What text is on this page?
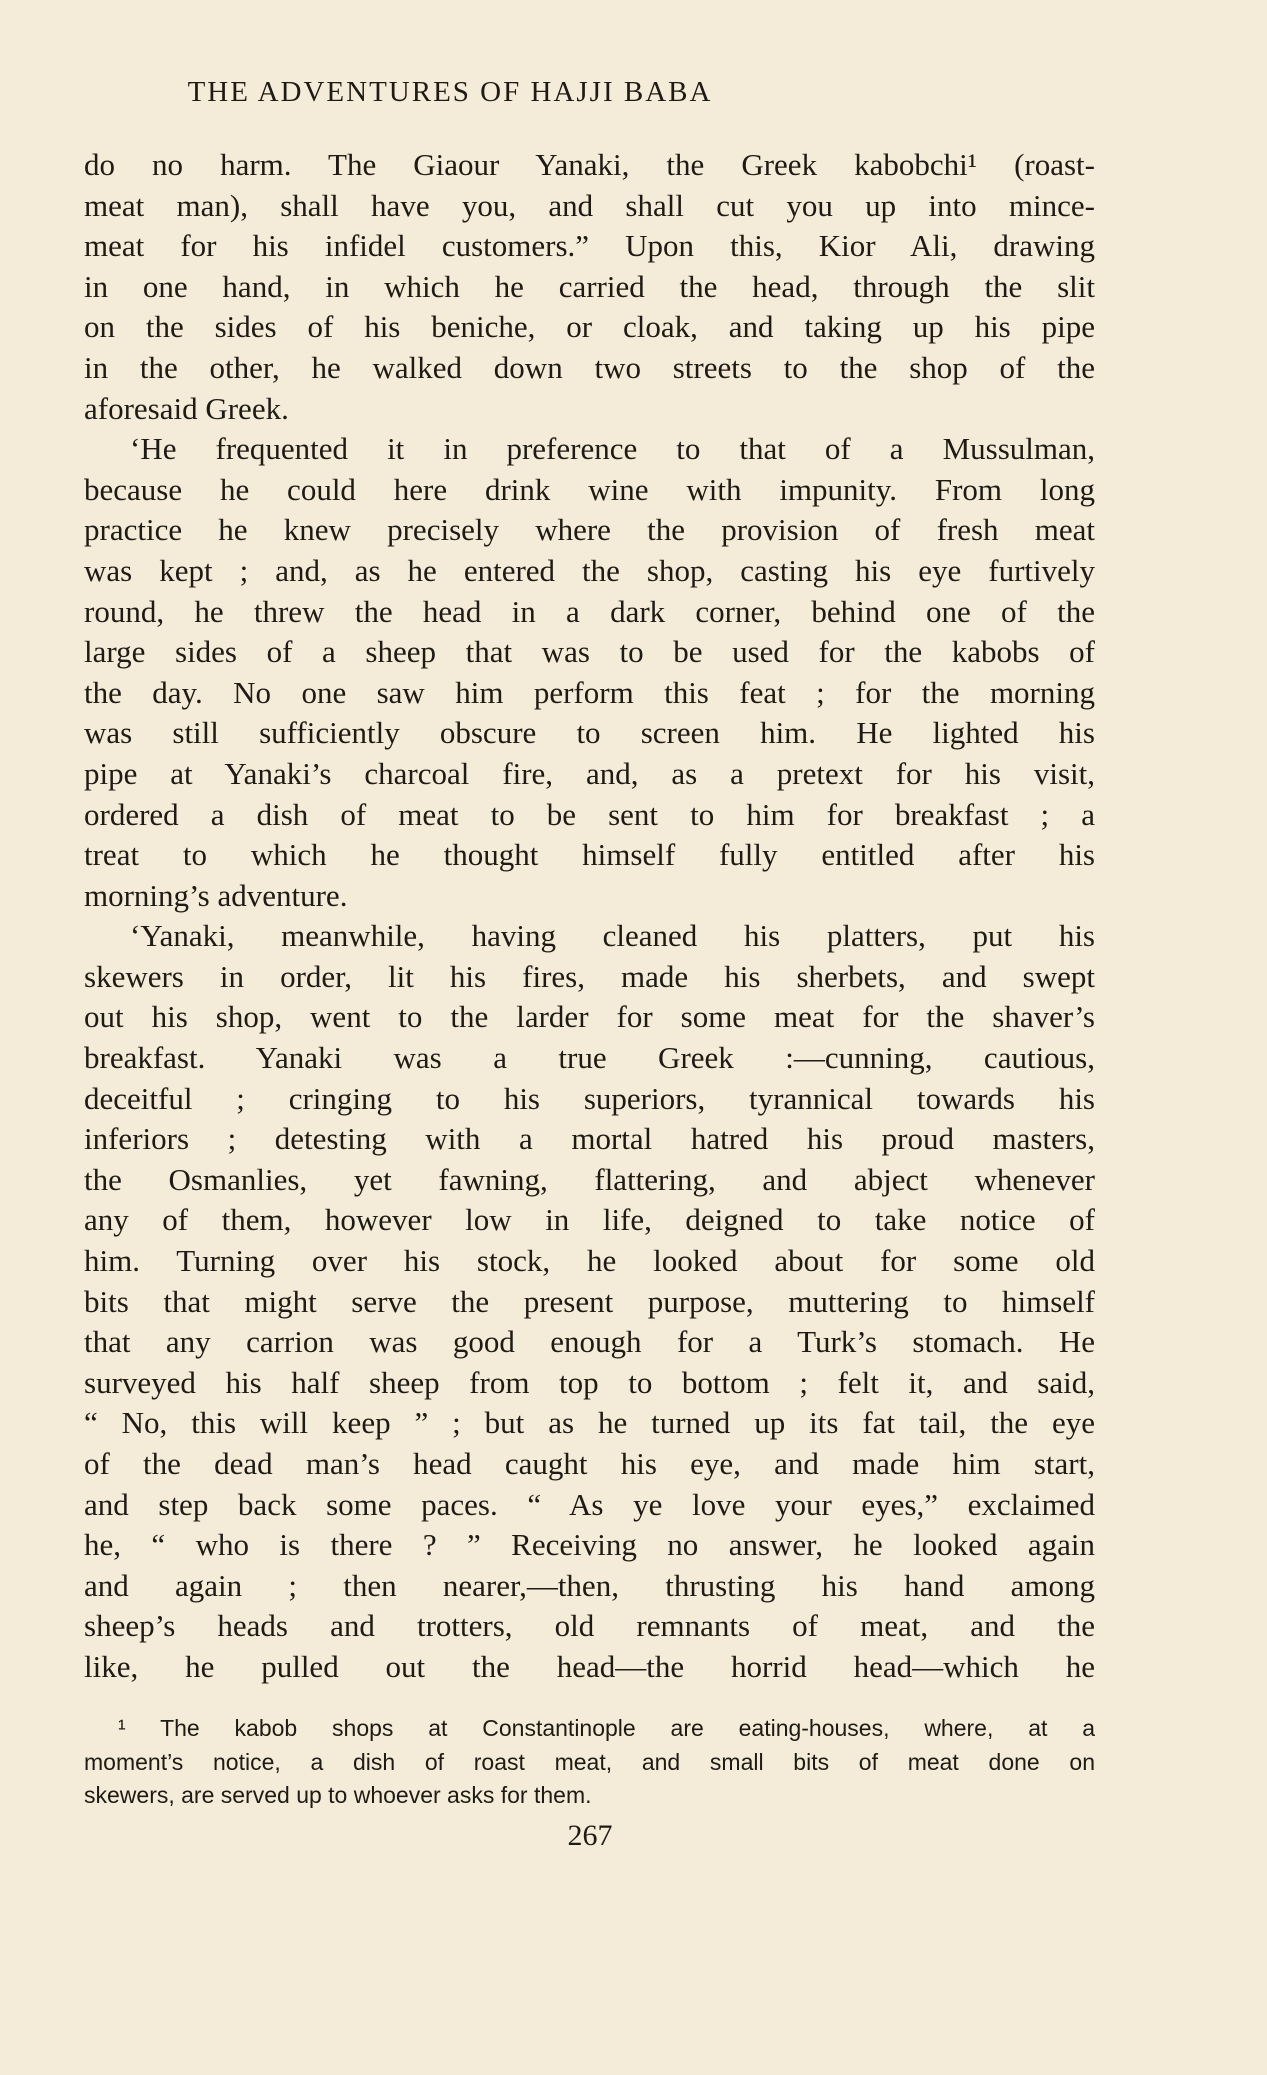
THE ADVENTURES OF HAJJI BABA
do no harm. The Giaour Yanaki, the Greek kabobchi¹ (roast-
meat man), shall have you, and shall cut you up into mince-
meat for his infidel customers.” Upon this, Kior Ali, drawing
in one hand, in which he carried the head, through the slit
on the sides of his beniche, or cloak, and taking up his pipe
in the other, he walked down two streets to the shop of the
aforesaid Greek.
‘He frequented it in preference to that of a Mussulman,
because he could here drink wine with impunity. From long
practice he knew precisely where the provision of fresh meat
was kept ; and, as he entered the shop, casting his eye furtively
round, he threw the head in a dark corner, behind one of the
large sides of a sheep that was to be used for the kabobs of
the day. No one saw him perform this feat ; for the morning
was still sufficiently obscure to screen him. He lighted his
pipe at Yanaki’s charcoal fire, and, as a pretext for his visit,
ordered a dish of meat to be sent to him for breakfast ; a
treat to which he thought himself fully entitled after his
morning’s adventure.
‘Yanaki, meanwhile, having cleaned his platters, put his
skewers in order, lit his fires, made his sherbets, and swept
out his shop, went to the larder for some meat for the shaver’s
breakfast. Yanaki was a true Greek :—cunning, cautious,
deceitful ; cringing to his superiors, tyrannical towards his
inferiors ; detesting with a mortal hatred his proud masters,
the Osmanlies, yet fawning, flattering, and abject whenever
any of them, however low in life, deigned to take notice of
him. Turning over his stock, he looked about for some old
bits that might serve the present purpose, muttering to himself
that any carrion was good enough for a Turk’s stomach. He
surveyed his half sheep from top to bottom ; felt it, and said,
“ No, this will keep ” ; but as he turned up its fat tail, the eye
of the dead man’s head caught his eye, and made him start,
and step back some paces. “ As ye love your eyes,” exclaimed
he, “ who is there ? ” Receiving no answer, he looked again
and again ; then nearer,—then, thrusting his hand among
sheep’s heads and trotters, old remnants of meat, and the
like, he pulled out the head—the horrid head—which he
¹ The kabob shops at Constantinople are eating-houses, where, at a
moment’s notice, a dish of roast meat, and small bits of meat done on
skewers, are served up to whoever asks for them.
267
